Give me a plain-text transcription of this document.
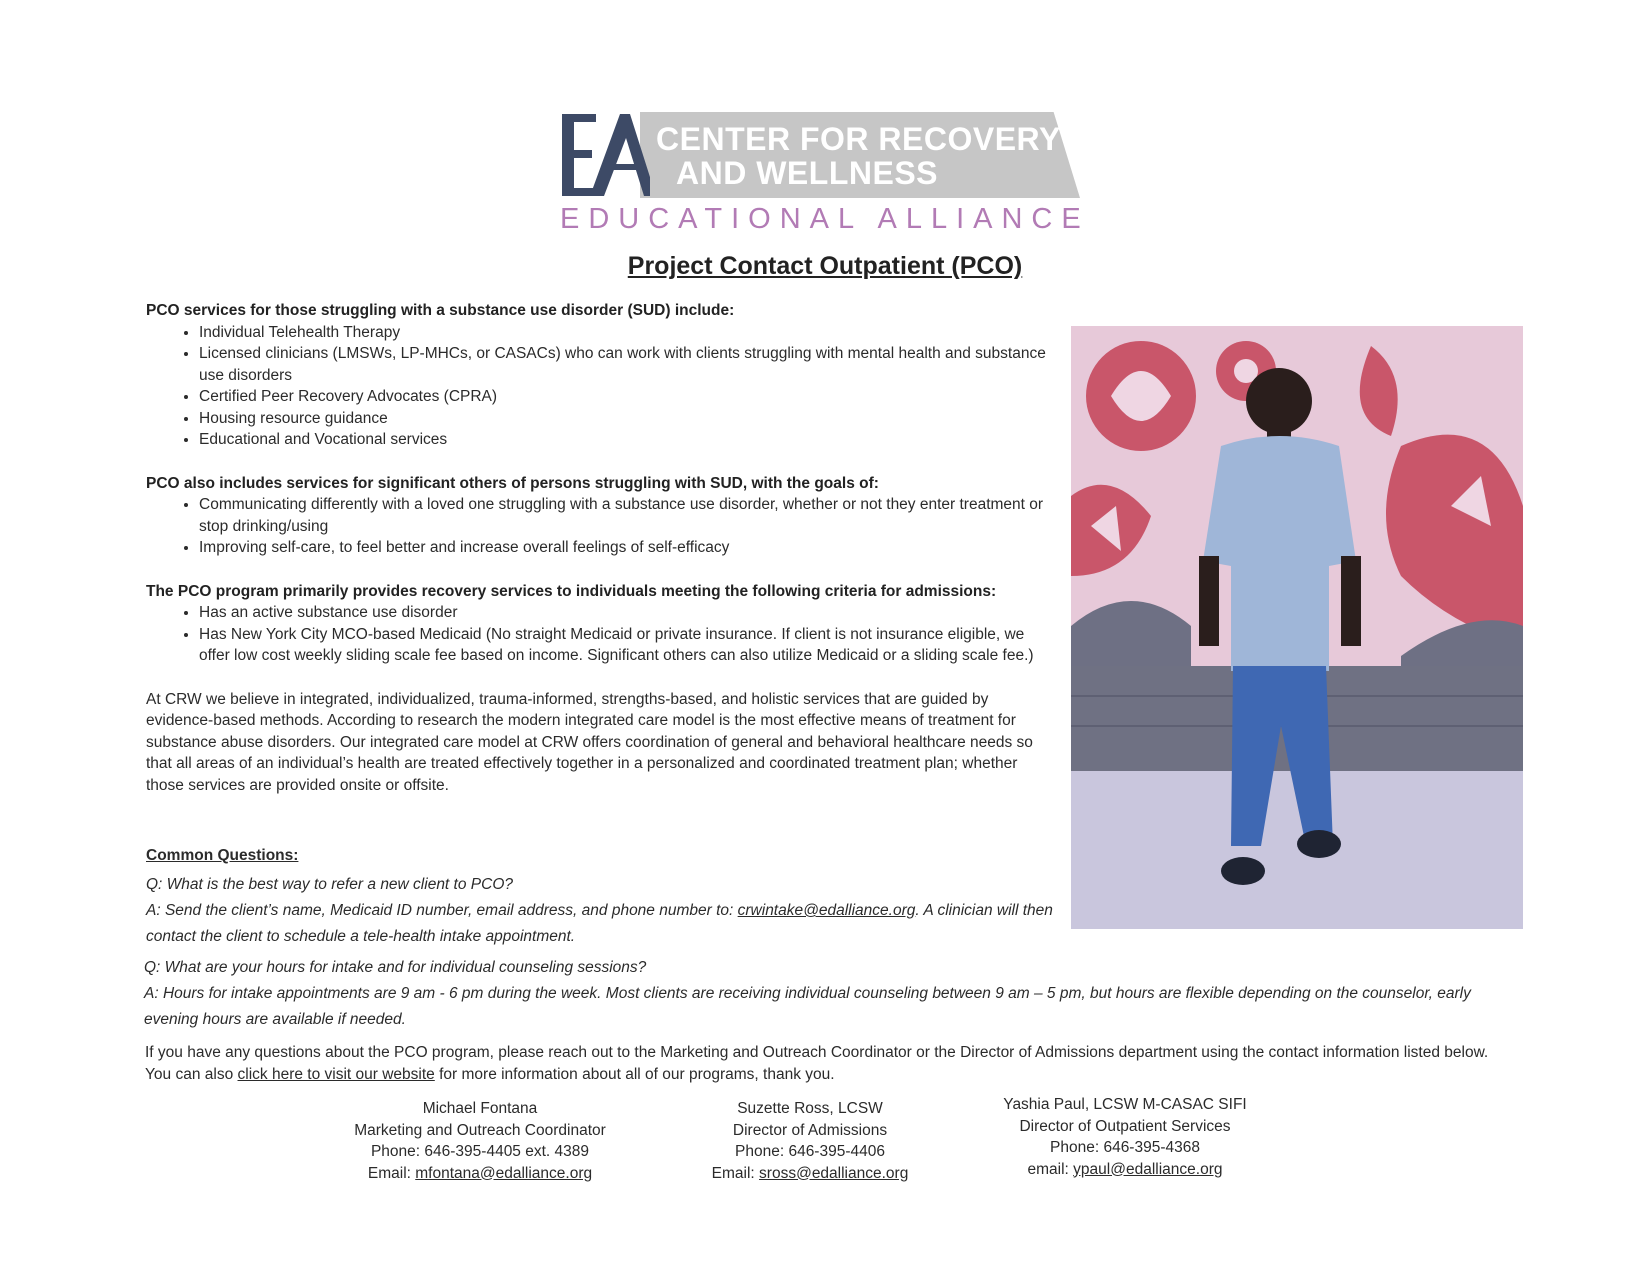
CENTER FOR RECOVERY
AND WELLNESS
EDUCATIONAL ALLIANCE
Project Contact Outpatient (PCO)
PCO services for those struggling with a substance use disorder (SUD) include:
• Individual Telehealth Therapy
• Licensed clinicians (LMSWs, LP-MHCs, or CASACs) who can work with clients struggling with mental health and substance use disorders
• Certified Peer Recovery Advocates (CPRA)
• Housing resource guidance
• Educational and Vocational services
PCO also includes services for significant others of persons struggling with SUD, with the goals of:
• Communicating differently with a loved one struggling with a substance use disorder, whether or not they enter treatment or stop drinking/using
• Improving self-care, to feel better and increase overall feelings of self-efficacy
The PCO program primarily provides recovery services to individuals meeting the following criteria for admissions:
• Has an active substance use disorder
• Has New York City MCO-based Medicaid (No straight Medicaid or private insurance. If client is not insurance eligible, we offer low cost weekly sliding scale fee based on income. Significant others can also utilize Medicaid or a sliding scale fee.)

At CRW we believe in integrated, individualized, trauma-informed, strengths-based, and holistic services that are guided by evidence-based methods. According to research the modern integrated care model is the most effective means of treatment for substance abuse disorders. Our integrated care model at CRW offers coordination of general and behavioral healthcare needs so that all areas of an individual’s health are treated effectively together in a personalized and coordinated treatment plan; whether those services are provided onsite or offsite.

Common Questions:
Q: What is the best way to refer a new client to PCO?
A: Send the client’s name, Medicaid ID number, email address, and phone number to: crwintake@edalliance.org. A clinician will then contact the client to schedule a tele-health intake appointment.
Q: What are your hours for intake and for individual counseling sessions?
A: Hours for intake appointments are 9 am - 6 pm during the week. Most clients are receiving individual counseling between 9 am – 5 pm, but hours are flexible depending on the counselor, early evening hours are available if needed.
If you have any questions about the PCO program, please reach out to the Marketing and Outreach Coordinator or the Director of Admissions department using the contact information listed below. You can also click here to visit our website for more information about all of our programs, thank you.
Michael Fontana
Marketing and Outreach Coordinator
Phone: 646-395-4405 ext. 4389
Email: mfontana@edalliance.org
Suzette Ross, LCSW
Director of Admissions
Phone: 646-395-4406
Email: sross@edalliance.org
Yashia Paul, LCSW M-CASAC SIFI
Director of Outpatient Services
Phone: 646-395-4368
email: ypaul@edalliance.org
